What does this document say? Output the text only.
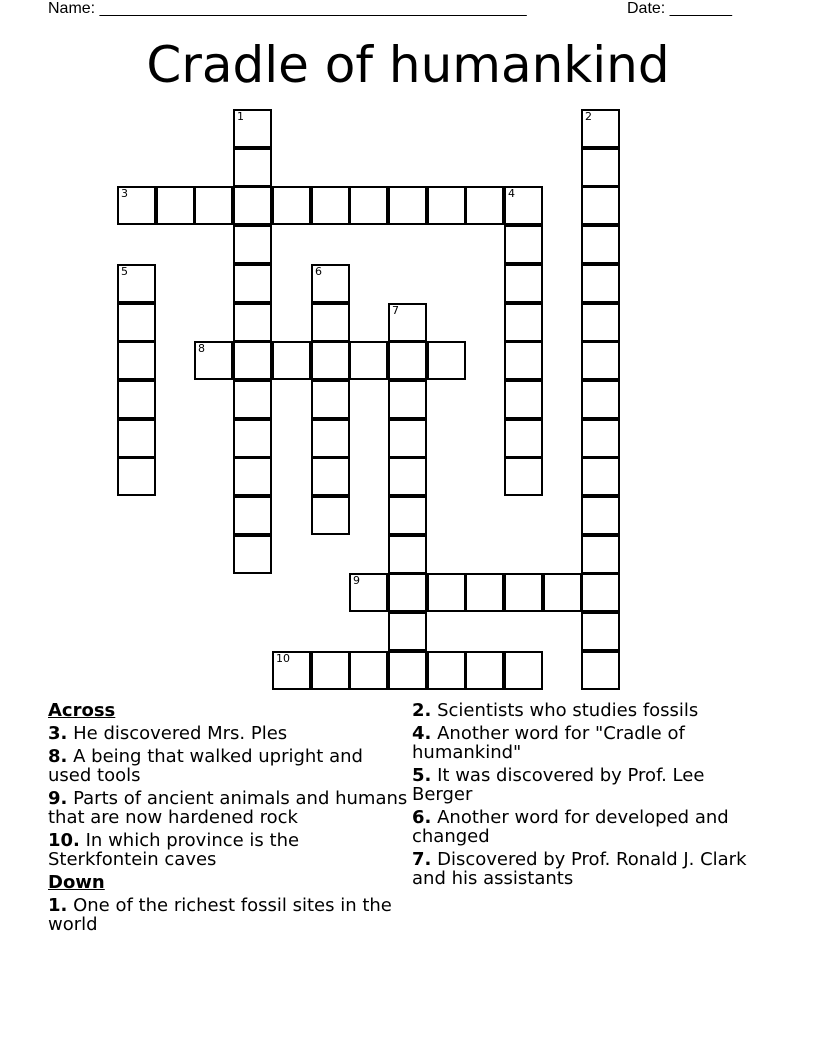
Name: ________________________________________________	Date: _______
Cradle of humankind
1	2
3	4
5	6
7
8
9
10
Across
3. He discovered Mrs. Ples
8. A being that walked upright and used tools
9. Parts of ancient animals and humans that are now hardened rock
10. In which province is the Sterkfontein caves
Down
1. One of the richest fossil sites in the world
2. Scientists who studies fossils
4. Another word for "Cradle of humankind"
5. It was discovered by Prof. Lee Berger
6. Another word for developed and changed
7. Discovered by Prof. Ronald J. Clark and his assistants
